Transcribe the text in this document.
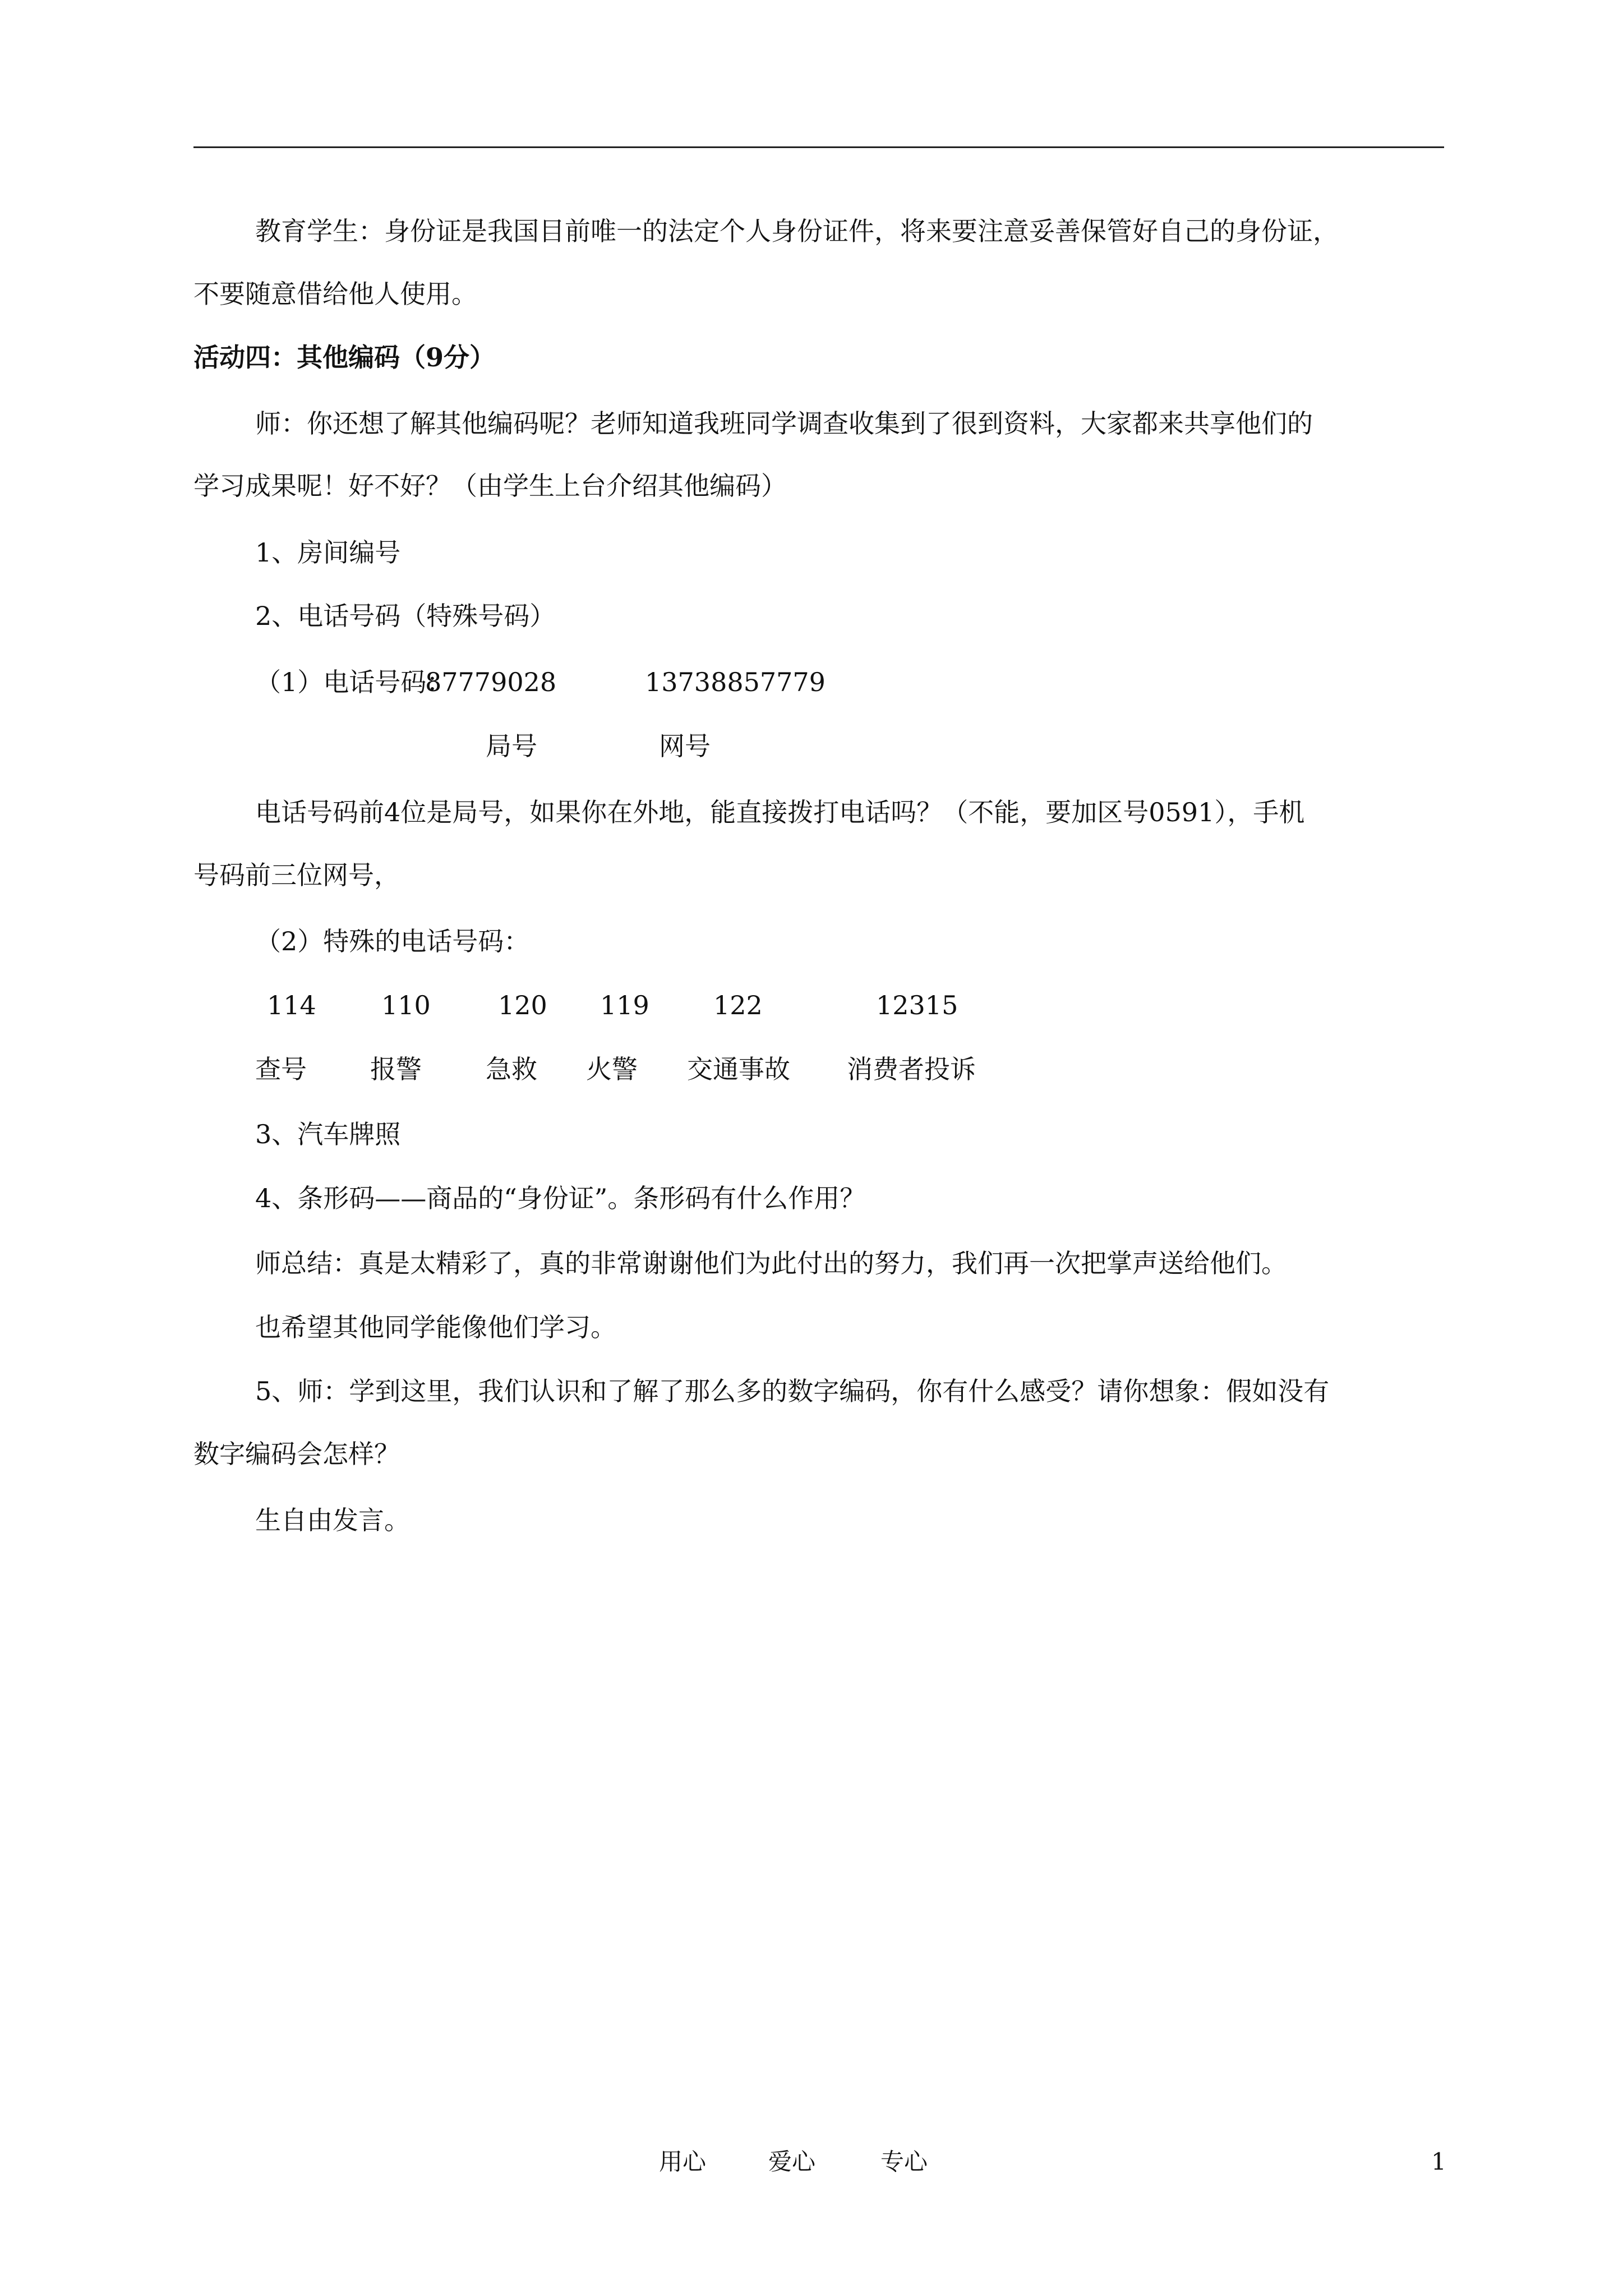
教育学生：身份证是我国目前唯一的法定个人身份证件，将来要注意妥善保管好自己的身份证，
不要随意借给他人使用。
活动四：其他编码（9分）
师：你还想了解其他编码呢？老师知道我班同学调查收集到了很到资料，大家都来共享他们的
学习成果呢！好不好？（由学生上台介绍其他编码）
1、房间编号
2、电话号码（特殊号码）
（1）电话号码：
87779028	13738857779
局号	网号
电话号码前4位是局号，如果你在外地，能直接拨打电话吗？（不能，要加区号0591），手机
号码前三位网号，
（2）特殊的电话号码：
114	110	120 119 122	12315
查号 报警 急救 火警 交通事故 消费者投诉
3、汽车牌照
4、条形码——商品的“身份证”。条形码有什么作用？
师总结：真是太精彩了，真的非常谢谢他们为此付出的努力，我们再一次把掌声送给他们。
也希望其他同学能像他们学习。
5、师：学到这里，我们认识和了解了那么多的数字编码，你有什么感受？请你想象：假如没有
数字编码会怎样？
生自由发言。
用心	爱心	专心	1
